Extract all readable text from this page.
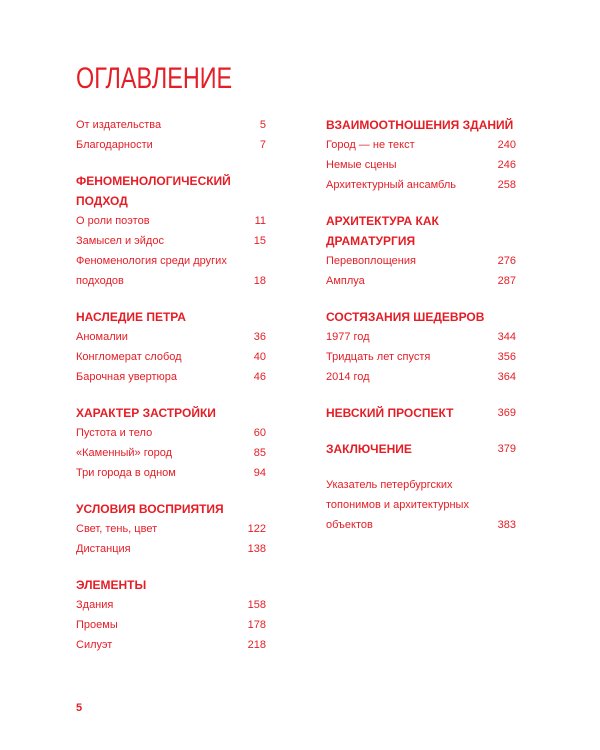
ОГЛАВЛЕНИЕ
От издательства	5
Благодарности	7
ФЕНОМЕНОЛОГИЧЕСКИЙ ПОДХОД
О роли поэтов	11
Замысел и эйдос	15
Феноменология среди других подходов	18
НАСЛЕДИЕ ПЕТРА
Аномалии	36
Конгломерат слобод	40
Барочная увертюра	46
ХАРАКТЕР ЗАСТРОЙКИ
Пустота и тело	60
«Каменный» город	85
Три города в одном	94
УСЛОВИЯ ВОСПРИЯТИЯ
Свет, тень, цвет	122
Дистанция	138
ЭЛЕМЕНТЫ
Здания	158
Проемы	178
Силуэт	218
ВЗАИМООТНОШЕНИЯ ЗДАНИЙ
Город — не текст	240
Немые сцены	246
Архитектурный ансамбль	258
АРХИТЕКТУРА КАК ДРАМАТУРГИЯ
Перевоплощения	276
Амплуа	287
СОСТЯЗАНИЯ ШЕДЕВРОВ
1977 год	344
Тридцать лет спустя	356
2014 год	364
НЕВСКИЙ ПРОСПЕКТ	369
ЗАКЛЮЧЕНИЕ	379
Указатель петербургских топонимов и архитектурных объектов	383
5
